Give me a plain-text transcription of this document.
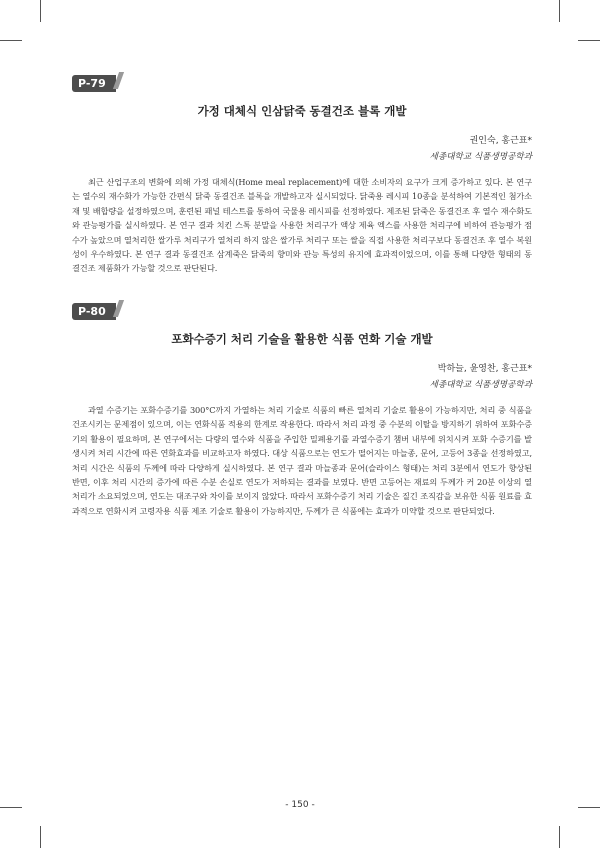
P-79
가정 대체식 인삼닭죽 동결건조 블록 개발
권인숙, 홍근표*
세종대학교 식품생명공학과
최근 산업구조의 변화에 의해 가정 대체식(Home meal replacement)에 대한 소비자의 요구가 크게 증가하고 있다. 본 연구는 열수의 재수화가 가능한 간편식 닭죽 동결건조 블록을 개발하고자 실시되었다. 닭죽용 레시피 10종을 분석하여 기본적인 첨가소재 및 배합량을 설정하였으며, 훈련된 패널 테스트를 통하여 국물용 레시피를 선정하였다. 제조된 닭죽은 동결건조 후 열수 재수화도와 관능평가를 실시하였다. 본 연구 결과 치킨 스톡 분말을 사용한 처리구가 액상 제육 엑스를 사용한 처리구에 비하여 관능평가 점수가 높았으며 열처리한 쌀가루 처리구가 열처리 하지 않은 쌀가루 처리구 또는 쌀을 직접 사용한 처리구보다 동결건조 후 열수 복원성이 우수하였다. 본 연구 결과 동결건조 삼계죽은 닭죽의 향미와 관능 특성의 유지에 효과적이었으며, 이를 통해 다양한 형태의 동결건조 제품화가 가능할 것으로 판단된다.
P-80
포화수증기 처리 기술을 활용한 식품 연화 기술 개발
박하늘, 윤영찬, 홍근표*
세종대학교 식품생명공학과
과열 수증기는 포화수증기를 300°C까지 가열하는 처리 기술로 식품의 빠른 열처리 기술로 활용이 가능하지만, 처리 중 식품을 건조시키는 문제점이 있으며, 이는 연화식품 적용의 한계로 작용한다. 따라서 처리 과정 중 수분의 이탈을 방지하기 위하여 포화수증기의 활용이 필요하며, 본 연구에서는 다량의 열수와 식품을 주입한 밀폐용기를 과열수증기 챔버 내부에 위치시켜 포화 수증기를 발생시켜 처리 시간에 따른 연화효과를 비교하고자 하였다. 대상 식품으로는 연도가 떨어지는 마늘종, 문어, 고등어 3종을 선정하였고, 처리 시간은 식품의 두께에 따라 다양하게 실시하였다. 본 연구 결과 마늘종과 문어(슬라이스 형태)는 처리 3분에서 연도가 향상된 반면, 이후 처리 시간의 증가에 따른 수분 손실로 연도가 저하되는 결과를 보였다. 반면 고등어는 재료의 두께가 커 20분 이상의 열처리가 소요되었으며, 연도는 대조구와 차이를 보이지 않았다. 따라서 포화수증기 처리 기술은 질긴 조직감을 보유한 식품 원료를 효과적으로 연화시켜 고령자용 식품 제조 기술로 활용이 가능하지만, 두께가 큰 식품에는 효과가 미약할 것으로 판단되었다.
- 150 -
